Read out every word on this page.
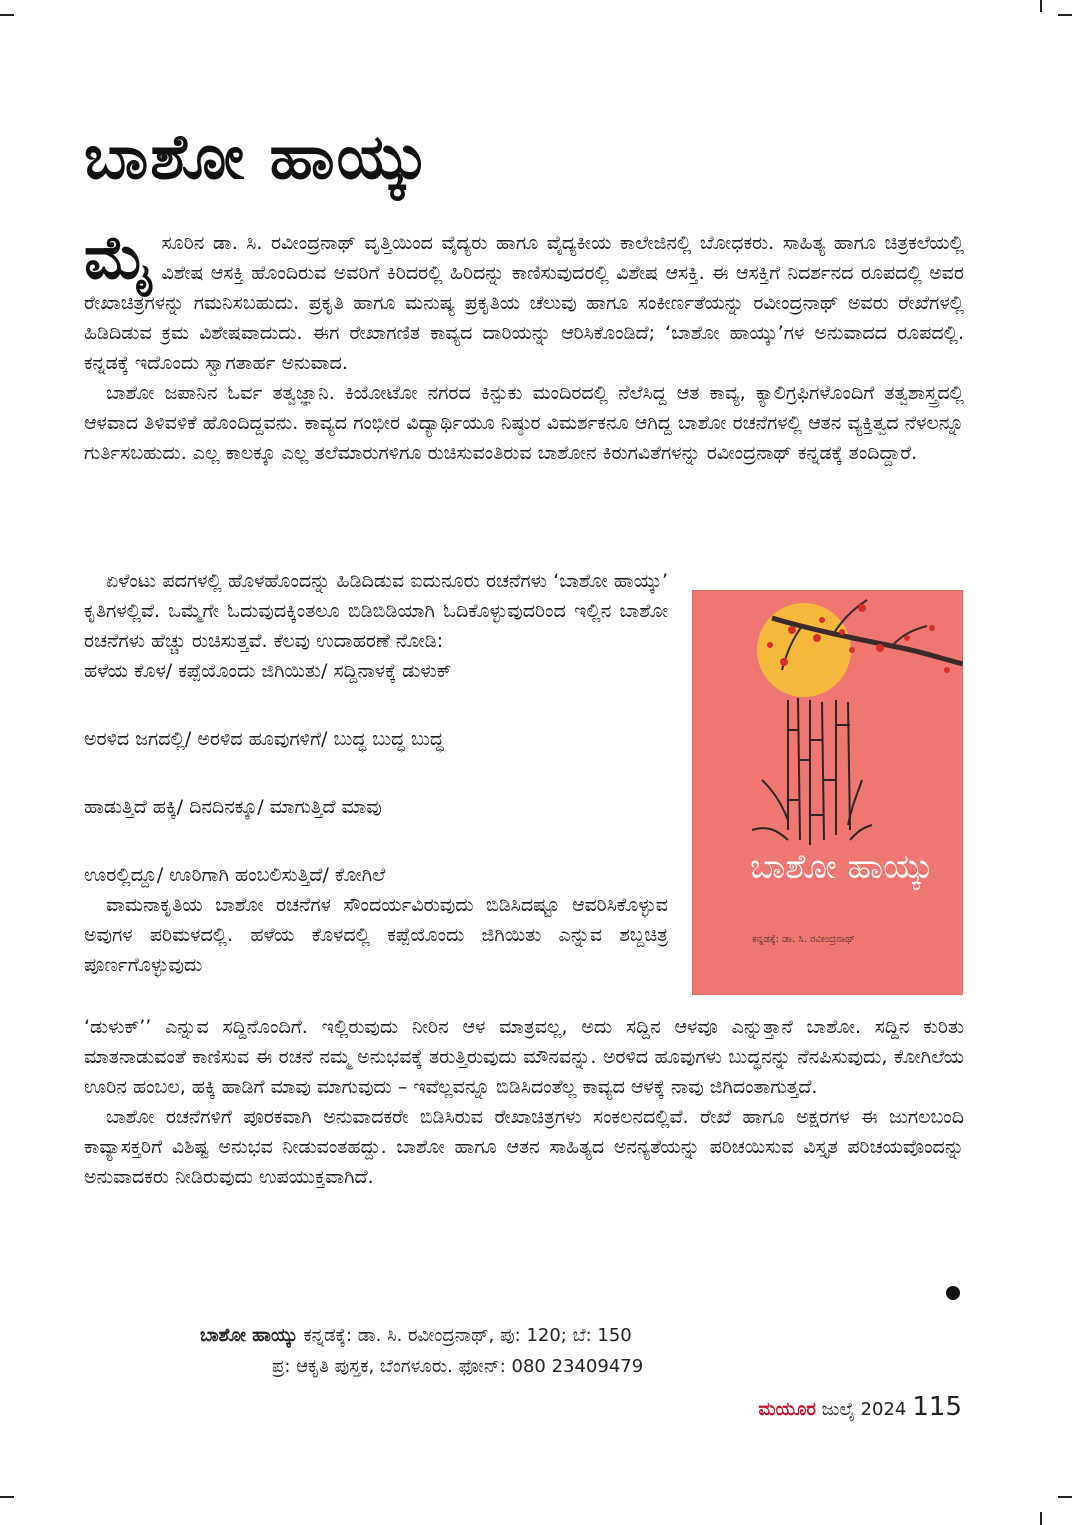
ಬಾಶೋ ಹಾಯ್ಕು
ಮೈ ಸೂರಿನ ಡಾ. ಸಿ. ರವೀಂದ್ರನಾಥ್ ವೃತ್ತಿಯಿಂದ ವೈದ್ಯರು ಹಾಗೂ ವೈದ್ಯಕೀಯ ಕಾಲೇಜಿನಲ್ಲಿ ಬೋಧಕರು. ಸಾಹಿತ್ಯ ಹಾಗೂ ಚಿತ್ರಕಲೆಯಲ್ಲಿ ವಿಶೇಷ ಆಸಕ್ತಿ ಹೊಂದಿರುವ ಅವರಿಗೆ ಕಿರಿದರಲ್ಲಿ ಹಿರಿದನ್ನು ಕಾಣಿಸುವುದರಲ್ಲಿ ವಿಶೇಷ ಆಸಕ್ತಿ. ಈ ಆಸಕ್ತಿಗೆ ನಿದರ್ಶನದ ರೂಪದಲ್ಲಿ ಅವರ ರೇಖಾಚಿತ್ರಗಳನ್ನು ಗಮನಿಸಬಹುದು. ಪ್ರಕೃತಿ ಹಾಗೂ ಮನುಷ್ಯ ಪ್ರಕೃತಿಯ ಚೆಲುವು ಹಾಗೂ ಸಂಕೀರ್ಣತೆಯನ್ನು ರವೀಂದ್ರನಾಥ್ ಅವರು ರೇಖೆಗಳಲ್ಲಿ ಹಿಡಿದಿಡುವ ಕ್ರಮ ವಿಶೇಷವಾದುದು. ಈಗ ರೇಖಾಗಣಿತ ಕಾವ್ಯದ ದಾರಿಯನ್ನು ಆರಿಸಿಕೊಂಡಿದೆ; ‘ಬಾಶೋ ಹಾಯ್ಕು’ಗಳ ಅನುವಾದದ ರೂಪದಲ್ಲಿ. ಕನ್ನಡಕ್ಕೆ ಇದೊಂದು ಸ್ವಾಗತಾರ್ಹ ಅನುವಾದ.

ಬಾಶೋ ಜಪಾನಿನ ಓರ್ವ ತತ್ವಜ್ಞಾನಿ. ಕಿಯೋಟೋ ನಗರದ ಕಿನ್ಪುಕು ಮಂದಿರದಲ್ಲಿ ನೆಲೆಸಿದ್ದ ಆತ ಕಾವ್ಯ, ಕ್ಯಾಲಿಗ್ರಫಿಗಳೊಂದಿಗೆ ತತ್ವಶಾಸ್ತ್ರದಲ್ಲಿ ಆಳವಾದ ತಿಳಿವಳಿಕೆ ಹೊಂದಿದ್ದವನು. ಕಾವ್ಯದ ಗಂಭೀರ ವಿದ್ಯಾರ್ಥಿಯೂ ನಿಷ್ಠುರ ವಿಮರ್ಶಕನೂ ಆಗಿದ್ದ ಬಾಶೋ ರಚನೆಗಳಲ್ಲಿ ಆತನ ವ್ಯಕ್ತಿತ್ವದ ನೆಳಲನ್ನೂ ಗುರ್ತಿಸಬಹುದು. ಎಲ್ಲ ಕಾಲಕ್ಕೂ ಎಲ್ಲ ತಲೆಮಾರುಗಳಿಗೂ ರುಚಿಸುವಂತಿರುವ ಬಾಶೋನ ಕಿರುಗವಿತೆಗಳನ್ನು ರವೀಂದ್ರನಾಥ್ ಕನ್ನಡಕ್ಕೆ ತಂದಿದ್ದಾರೆ.

ಏಳೆಂಟು ಪದಗಳಲ್ಲಿ ಹೊಳಹೊಂದನ್ನು ಹಿಡಿದಿಡುವ ಐದುನೂರು ರಚನೆಗಳು ‘ಬಾಶೋ ಹಾಯ್ಕು’ ಕೃತಿಗಳಲ್ಲಿವೆ. ಒಮ್ಮೆಗೇ ಓದುವುದಕ್ಕಿಂತಲೂ ಬಿಡಿಬಿಡಿಯಾಗಿ ಓದಿಕೊಳ್ಳುವುದರಿಂದ ಇಲ್ಲಿನ ಬಾಶೋ ರಚನೆಗಳು ಹೆಚ್ಚು ರುಚಿಸುತ್ತವೆ. ಕೆಲವು ಉದಾಹರಣೆ ನೋಡಿ:

ಹಳೆಯ ಕೊಳ/ ಕಪ್ಪೆಯೊಂದು ಜಿಗಿಯಿತು/ ಸದ್ದಿನಾಳಕ್ಕೆ ಡುಳುಕ್

ಅರಳಿದ ಜಗದಲ್ಲಿ/ ಅರಳಿದ ಹೂವುಗಳಿಗೆ/ ಬುದ್ಧ ಬುದ್ಧ ಬುದ್ಧ

ಹಾಡುತ್ತಿದೆ ಹಕ್ಕಿ/ ದಿನದಿನಕ್ಕೂ/ ಮಾಗುತ್ತಿದೆ ಮಾವು

ಊರಲ್ಲಿದ್ದೂ/ ಊರಿಗಾಗಿ ಹಂಬಲಿಸುತ್ತಿದೆ/ ಕೋಗಿಲೆ

ವಾಮನಾಕೃತಿಯ ಬಾಶೋ ರಚನೆಗಳ ಸೌಂದರ್ಯವಿರುವುದು ಬಿಡಿಸಿದಷ್ಟೂ ಆವರಿಸಿಕೊಳ್ಳುವ ಅವುಗಳ ಪರಿಮಳದಲ್ಲಿ. ಹಳೆಯ ಕೊಳದಲ್ಲಿ ಕಪ್ಪೆಯೊಂದು ಜಿಗಿಯಿತು ಎನ್ನುವ ಶಬ್ದಚಿತ್ರ ಪೂರ್ಣಗೊಳ್ಳುವುದು

ಬಾಶೋ ಹಾಯ್ಕು
ಕನ್ನಡಕ್ಕೆ: ಡಾ. ಸಿ. ರವೀಂದ್ರನಾಥ್

‘ಡುಳುಕ್’’ ಎನ್ನುವ ಸದ್ದಿನೊಂದಿಗೆ. ಇಲ್ಲಿರುವುದು ನೀರಿನ ಆಳ ಮಾತ್ರವಲ್ಲ, ಅದು ಸದ್ದಿನ ಆಳವೂ ಎನ್ನುತ್ತಾನೆ ಬಾಶೋ. ಸದ್ದಿನ ಕುರಿತು ಮಾತನಾಡುವಂತೆ ಕಾಣಿಸುವ ಈ ರಚನೆ ನಮ್ಮ ಅನುಭವಕ್ಕೆ ತರುತ್ತಿರುವುದು ಮೌನವನ್ನು. ಅರಳಿದ ಹೂವುಗಳು ಬುದ್ಧನನ್ನು ನೆನಪಿಸುವುದು, ಕೋಗಿಲೆಯ ಊರಿನ ಹಂಬಲ, ಹಕ್ಕಿ ಹಾಡಿಗೆ ಮಾವು ಮಾಗುವುದು – ಇವೆಲ್ಲವನ್ನೂ ಬಿಡಿಸಿದಂತೆಲ್ಲ ಕಾವ್ಯದ ಆಳಕ್ಕೆ ನಾವು ಜಿಗಿದಂತಾಗುತ್ತದೆ.

ಬಾಶೋ ರಚನೆಗಳಿಗೆ ಪೂರಕವಾಗಿ ಅನುವಾದಕರೇ ಬಿಡಿಸಿರುವ ರೇಖಾಚಿತ್ರಗಳು ಸಂಕಲನದಲ್ಲಿವೆ. ರೇಖೆ ಹಾಗೂ ಅಕ್ಷರಗಳ ಈ ಜುಗಲಬಂದಿ ಕಾವ್ಯಾಸಕ್ತರಿಗೆ ವಿಶಿಷ್ಟ ಅನುಭವ ನೀಡುವಂತಹದ್ದು. ಬಾಶೋ ಹಾಗೂ ಆತನ ಸಾಹಿತ್ಯದ ಅನನ್ಯತೆಯನ್ನು ಪರಿಚಯಿಸುವ ವಿಸ್ತೃತ ಪರಿಚಯವೊಂದನ್ನು ಅನುವಾದಕರು ನೀಡಿರುವುದು ಉಪಯುಕ್ತವಾಗಿದೆ.

ಬಾಶೋ ಹಾಯ್ಕು ಕನ್ನಡಕ್ಕೆ: ಡಾ. ಸಿ. ರವೀಂದ್ರನಾಥ್, ಪು: 120; ಬೆ: 150
ಪ್ರ: ಆಕೃತಿ ಪುಸ್ತಕ, ಬೆಂಗಳೂರು. ಫೋನ್: 080 23409479
ಮಯೂರ ಜುಲೈ 2024 115
